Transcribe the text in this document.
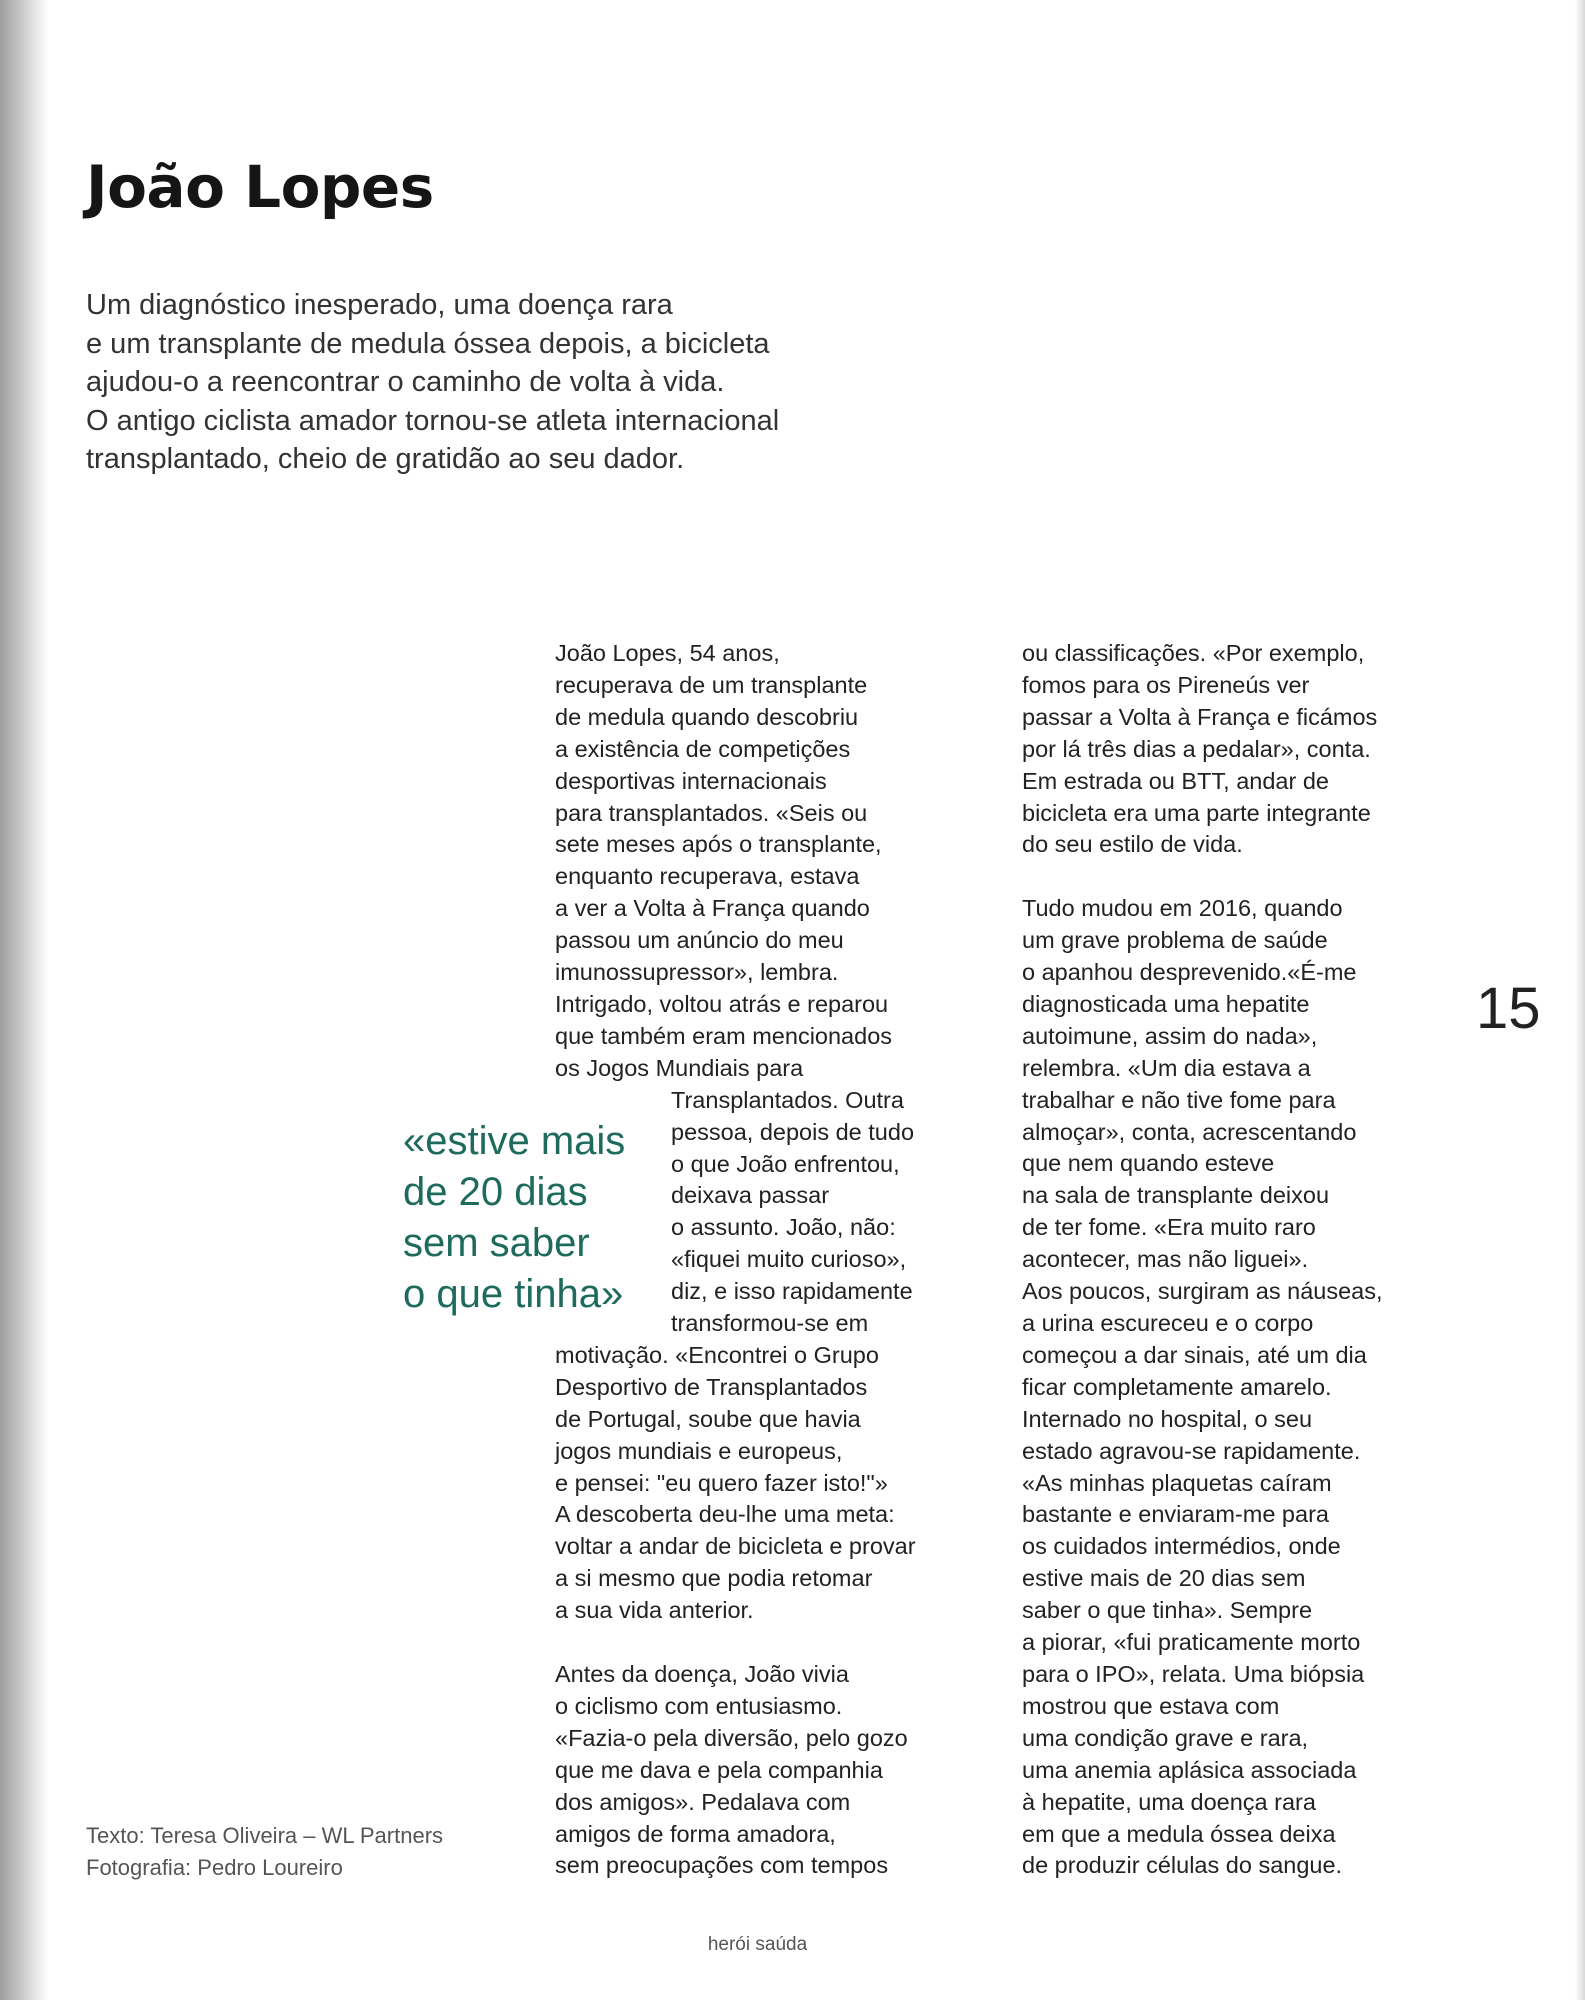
João Lopes
Um diagnóstico inesperado, uma doença rara
e um transplante de medula óssea depois, a bicicleta
ajudou-o a reencontrar o caminho de volta à vida.
O antigo ciclista amador tornou-se atleta internacional
transplantado, cheio de gratidão ao seu dador.
João Lopes, 54 anos,
recuperava de um transplante
de medula quando descobriu
a existência de competições
desportivas internacionais
para transplantados. «Seis ou
sete meses após o transplante,
enquanto recuperava, estava
a ver a Volta à França quando
passou um anúncio do meu
imunossupressor», lembra.
Intrigado, voltou atrás e reparou
que também eram mencionados
os Jogos Mundiais para
Transplantados. Outra
pessoa, depois de tudo
o que João enfrentou,
deixava passar
o assunto. João, não:
«fiquei muito curioso»,
diz, e isso rapidamente
transformou-se em
motivação. «Encontrei o Grupo
Desportivo de Transplantados
de Portugal, soube que havia
jogos mundiais e europeus,
e pensei: "eu quero fazer isto!"»
A descoberta deu-lhe uma meta:
voltar a andar de bicicleta e provar
a si mesmo que podia retomar
a sua vida anterior.
Antes da doença, João vivia
o ciclismo com entusiasmo.
«Fazia-o pela diversão, pelo gozo
que me dava e pela companhia
dos amigos». Pedalava com
amigos de forma amadora,
sem preocupações com tempos
ou classificações. «Por exemplo,
fomos para os Pireneús ver
passar a Volta à França e ficámos
por lá três dias a pedalar», conta.
Em estrada ou BTT, andar de
bicicleta era uma parte integrante
do seu estilo de vida.
Tudo mudou em 2016, quando
um grave problema de saúde
o apanhou desprevenido.«É-me
diagnosticada uma hepatite
autoimune, assim do nada»,
relembra. «Um dia estava a
trabalhar e não tive fome para
almoçar», conta, acrescentando
que nem quando esteve
na sala de transplante deixou
de ter fome. «Era muito raro
acontecer, mas não liguei».
Aos poucos, surgiram as náuseas,
a urina escureceu e o corpo
começou a dar sinais, até um dia
ficar completamente amarelo.
Internado no hospital, o seu
estado agravou-se rapidamente.
«As minhas plaquetas caíram
bastante e enviaram-me para
os cuidados intermédios, onde
estive mais de 20 dias sem
saber o que tinha». Sempre
a piorar, «fui praticamente morto
para o IPO», relata. Uma biópsia
mostrou que estava com
uma condição grave e rara,
uma anemia aplásica associada
à hepatite, uma doença rara
em que a medula óssea deixa
de produzir células do sangue.
«estive mais
de 20 dias
sem saber
o que tinha»
15
Texto: Teresa Oliveira – WL Partners
Fotografia: Pedro Loureiro
herói saúda
